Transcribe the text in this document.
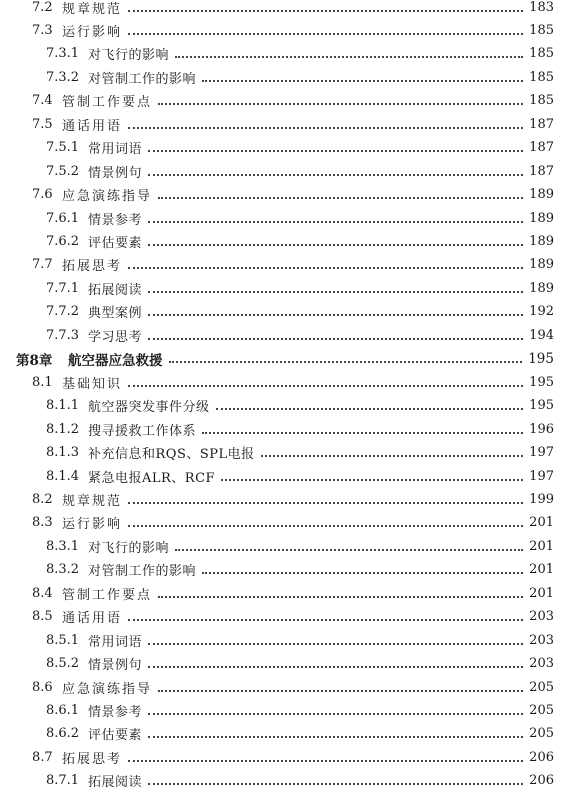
7.2 规章规范	183
7.3 运行影响	185
7.3.1 对飞行的影响	185
7.3.2 对管制工作的影响	185
7.4 管制工作要点	185
7.5 通话用语	187
7.5.1 常用词语	187
7.5.2 情景例句	187
7.6 应急演练指导	189
7.6.1 情景参考	189
7.6.2 评估要素	189
7.7 拓展思考	189
7.7.1 拓展阅读	189
7.7.2 典型案例	192
7.7.3 学习思考	194
第8章	航空器应急救援	195
8.1 基础知识	195
8.1.1 航空器突发事件分级	195
8.1.2 搜寻援救工作体系	196
8.1.3 补充信息和RQS、SPL电报	197
8.1.4 紧急电报ALR、RCF	197
8.2 规章规范	199
8.3 运行影响	201
8.3.1 对飞行的影响	201
8.3.2 对管制工作的影响	201
8.4 管制工作要点	201
8.5 通话用语	203
8.5.1 常用词语	203
8.5.2 情景例句	203
8.6 应急演练指导	205
8.6.1 情景参考	205
8.6.2 评估要素	205
8.7 拓展思考	206
8.7.1 拓展阅读	206
